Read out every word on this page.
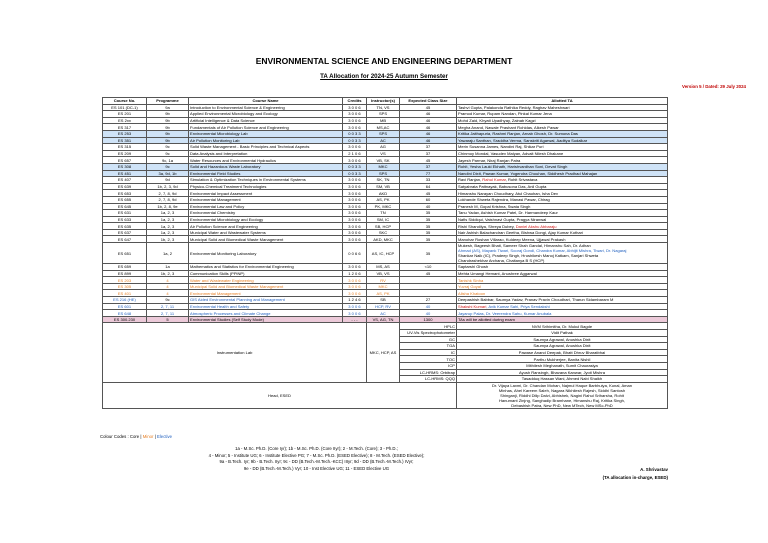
ENVIRONMENTAL SCIENCE AND ENGINEERING DEPARTMENT
TA Allocation for 2024-25 Autumn Semester
Version 5 / Dated: 29 July 2024
Course No.	Programme	Course Name	Credits	Instructor(s)	Expected Class Size	Allotted TA
ES 101 (DC-1)	9a	Introduction to Environmental Science & Engineering	3 0 0 6	TN, VS	45	Tashvi Gupta, Palakonda Rathika Reddy, Raghav Maheshwari
ES 201	9b	Applied Environmental Microbiology and Ecology	3 0 0 6	SPS	46	Pramod Kumar, Rupam Nandan, Pinkal Kumar Jena
ES 2xx	9b	Artificial Intelligence & Data Science	3 0 0 6	MB	46	Mohd Zaid, Khyati Upadhyay, Zainab Kagzi
ES 317	9b	Fundamentals of Air Pollution Science and Engineering	3 0 0 6	MS,AC	46	Megha Anand, Nawale Prashant Rohidas, Alkesh Pawar
ES 253	9b	Environmental Microbiology Lab	0 0 3 3	SPS	46	Kritika Jaithapuria, Rashmi Ranjan, Arnab Ghosh, Dr. Sumona Das
ES 351	9b	Air Pollution Monitoring Lab	0 0 3 3	AC	46	Yawaraju Santhan, Sraddha Verma, Sanskriti Agarwal, Aaditya Sudalkar
ES 315	9c	Solid Waste Management - Basic Principles and Technical Aspects	3 0 0 6	AG	37	Merin Susanna James, Nandini Raj, Shikar Puri
ES 209	9c	Data Analysis and Interpretation	2 1 0 6	VS	37	Chinmoy Mondal, Vasudev Malyan, Advait Nilesh Dhakane
ES 657	9c, 1a	Water Resources and Environmental Hydraulics	3 0 0 6	VB, SK	45	Jayesh Parmar, Niraj Ranjan Patra
ES 308	9c	Solid and Hazardous Waste Laboratory	0 0 3 3	MKC	37	Rohit, Yesha Lauki Ekhath, Harishvardhan Soni, Devat Singh
ES 451	3a, 9d, 1b	Environmental Field Studies	0 0 3 3	SPS	77	Nandini Dixit, Pawan Kumar, Yogendra Chouhan, Siddhesh Pradhad Mahajan
ES 407	9d	Simulation & Optimization Techniques in Environmental Systems	3 0 0 6	SK, TN	33	Ravi Ranjan, Rahul Kumar, Rohit Srivastava
ES 639	1b, 2, 3, 9d	Physico-Chemical Treatment Technologies	3 0 0 6	SM, VB	64	Satyabrata Pattnayak, Babusona Das, Anil Gupta
ES 653	2, 7, 8, 9d	Environmental Impact Assessment	3 0 0 6	AKD	45	Himanshu Narayan Choudhary, Atul Chauhan, Isha Dev
ES 655	2, 7, 8, 9d	Environmental Management	3 0 0 6	AS, PK	60	Lokhande Shweta Rajendra, Manasi Pawar, Chirag
ES 645	1b, 2, 8, 9e	Environmental Law and Policy	3 0 0 6	PK, MKC	40	Pranesh M, Gopal Krishna, Swata Singh
ES 631	1a, 2, 3	Environmental Chemistry	3 0 0 6	TN	35	Tanu Yadav, Ashish Kumar Patel, Dr. Harmandeep Kaur
ES 633	1a, 2, 3	Environmental Microbiology and Ecology	3 0 0 6	SM, IC	35	Nafis Siddiqui, Vaishnavi Gupta, Pragya Niranwal
ES 635	1a, 2, 3	Air Pollution Science and Engineering	3 0 0 6	SB, HCP	35	Rishi Shandilya, Shreya Dubey, Daniel Akshu Abbaraju
ES 637	1a, 2, 3	Municipal Water and Wastewater Systems	3 0 0 6	SKC	35	Nair Ashish Balachandran Geetha, Bishwa Dongi, Ajay Kumar Kothari
ES 647	1b, 2, 3	Municipal Solid and Biomedical Waste Management	3 0 0 6	AKD, MKC	35	Manohar Roshan Villarao, Kuldeep Meena, Ujjawal Prakash
ES 651	1a, 2	Environmental Monitoring Laboratory	0 0 6 6	AS, IC, HCP	35	Mukesh, Bageesh Bhati, Sameer Shah Gandal, Himanshu Sah, Dr. Adhan
Ahmad (AS), Mayank Tiwari, Sooraj Gondi, Chandra Kumar, Abhijit Mishra, Tiwari, Dr. Nagaraj
Shankar Naik (IC), Pradeep Singh, Hrushikesh Manoj Katkam, Sanjari Shweta
Chandrashekhar Archana, Chaitanya B S (HCP)

ES 659	1a	Mathematics and Statistics for Environmental Engineering	3 0 0 6	MS, AS	<10	Saptarshi Ghosh
ES 899	1b, 2, 3	Communication Skills (PPiNP)	1 2 0 6	VB, VS	45	Mehta Umangi Hemant, Anushree Aggarwal
ES 203	4	Water and Wastewater Engineering	3 0 0 6	RV		Tanishk Sinha
ES 305	4	Municipal Solid and Biomedical Waste Management	3 0 0 6	MKC		Yuvraj Goyal
ES 401	4	Environmental Management	3 0 0 6	AS, PK		Alisha Khatoon
ES 216 (HE)	9c	GIS Aided Environmental Planning and Management	1 2 4 6	SB	27	Deepashish Babbar, Saumya Yadav, Pranav Pravin Choudhari, Tharun Sidambaram M
ES 601	2, 7, 11	Environmental Health and Safety	3 0 0 6	HCP, RV	40	Shakshi Kumari, Avik Kumar Sahi, Priya Sendakshi
ES 648	2, 7, 11	Atmospheric Processes and Climate Change	3 0 0 6	AC	40	Jayarup Palas, Dr. Veerendra Sahu, Kumar Anubala
ES 300.230	5	Environmental Studies (Self Study Mode)	- - -	VS, AG, TN	1300	TAs will be allotted during exam
Instrumentation Lab				MKC, HCP, AS	HPLC	NVM Srihimitha, Dr. Mukul Bagde
					UV-Vis Spectrophotometer	Vidit Pathak
					GC	Saumya Agrawal, Anushka Dixit
					TGA	Saumya Agrawal, Anushka Dixit
					IC	Pawase Anand Deepak, Bhatt Dhruv Bharatbhai
					TOC	Parthu Mukherjee, Banita Nishil
					ICP	Mithilesh Meghanath, Sumit Chaurasiya
					LC-HRMS: Orbitrap	Ayush Ransingh, Bhavana Kanwar, Jyoti Mishra
					LC-HRMS: QQQ	Tasadduq Hassan Wani, Ahmed Nabi Shaikh
Head, ESED						Dr. Vijaya Laxmi, Dr. Chandan Mohan, Najmul Haque Barbhuiya, Kunal, Aman
Minhas, Ahel Kareem Saleh, Nagara Nikhilesh Rajesh, Siddhi Santosh
Shinganji, Riddhi Dilip Dalvi, Abhishek, Nagini Rahul Sriharsha, Rohit
Hanumant Zinjng, Sanghadip Bramhane, Himanshu Raj, Kritika Singh,
Debashish Patra, New PhD, New MTech, New MSc-PhD
Colour Codes : Core | Minor | Elective
1a - M.Sc. Ph.D. (Core Iyr); 1b - M.Sc. Ph.D. (Core IIyr); 2 - M.Tech. (Core); 3 - Ph.D.;
4 - Minor; 5 - Institute UG; 6 - Institute Elective PG; 7 - M.Sc. Ph.D. (ESED Elective); 8 - M.Tech. (ESED Elective);
9a - B.Tech. Iyr; 9b - B.Tech. IIyr; 9c - DD (B.Tech.-M.Tech.-KCC) IIIyr; 9d - DD (B.Tech.-M.Tech.) IVyr;
9e - DD (B.Tech.-M.Tech.) Vyr; 10 - Inst Elective UG; 11 - ESED Elective UG	A. Shrivastav
(TA allocation in-charge, ESED)
